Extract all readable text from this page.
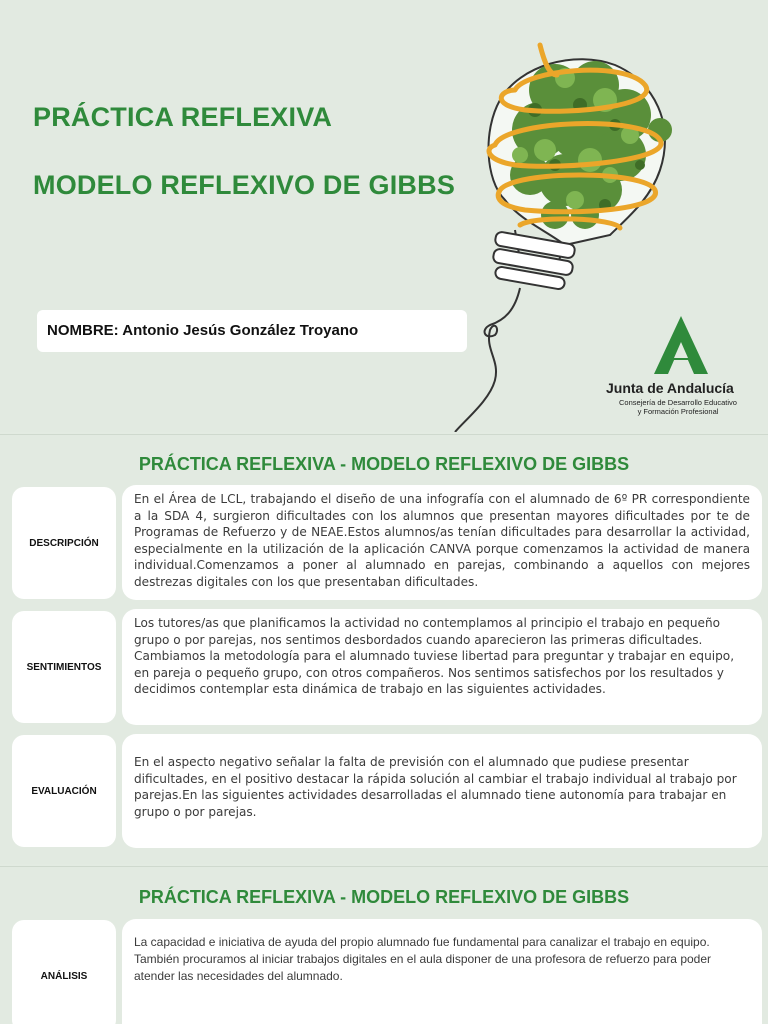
PRÁCTICA REFLEXIVA
MODELO REFLEXIVO DE GIBBS
NOMBRE: Antonio Jesús González Troyano
Junta de Andalucía
Consejería de Desarrollo Educativo
y Formación Profesional
PRÁCTICA REFLEXIVA - MODELO REFLEXIVO DE GIBBS
DESCRIPCIÓN
En el Área de LCL, trabajando el diseño de una infografía con el alumnado de 6º PR correspondiente a la SDA 4, surgieron dificultades con los alumnos que presentan mayores dificultades por te de Programas de Refuerzo y de NEAE.Estos alumnos/as tenían dificultades para desarrollar la actividad, especialmente en la utilización de la aplicación CANVA porque comenzamos la actividad de manera individual.Comenzamos a poner al alumnado en parejas, combinando a aquellos con mejores destrezas digitales con los que presentaban dificultades.
SENTIMIENTOS
Los tutores/as que planificamos la actividad no contemplamos al principio el trabajo en pequeño grupo o por parejas, nos sentimos desbordados cuando aparecieron las primeras dificultades. Cambiamos la metodología para el alumnado tuviese libertad para preguntar y trabajar en equipo, en pareja o pequeño grupo, con otros compañeros. Nos sentimos satisfechos por los resultados y decidimos contemplar esta dinámica de trabajo en las siguientes actividades.
EVALUACIÓN
En el aspecto negativo señalar la falta de previsión con el alumnado que pudiese presentar dificultades, en el positivo destacar la rápida solución al cambiar el trabajo individual al trabajo por parejas.En las siguientes actividades desarrolladas el alumnado tiene autonomía para trabajar en grupo o por parejas.
PRÁCTICA REFLEXIVA - MODELO REFLEXIVO DE GIBBS
ANÁLISIS
La capacidad e iniciativa de ayuda del propio alumnado fue fundamental para canalizar el trabajo en equipo. También procuramos al iniciar trabajos digitales en el aula disponer de una profesora de refuerzo para poder atender las necesidades del alumnado.
